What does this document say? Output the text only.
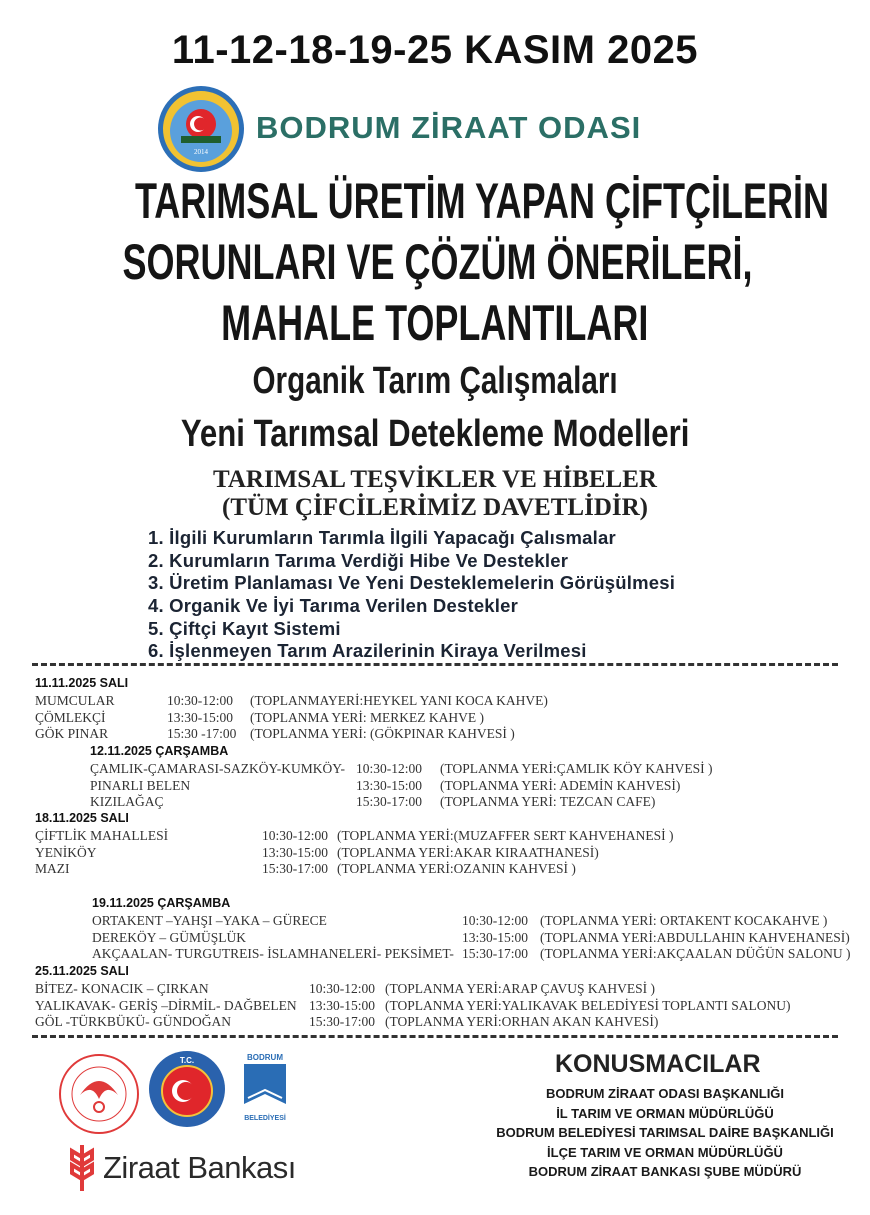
11-12-18-19-25 KASIM 2025
2014
BODRUM ZİRAAT ODASI
TARIMSAL ÜRETİM YAPAN ÇİFTÇİLERİN
SORUNLARI VE ÇÖZÜM ÖNERİLERİ,
MAHALE TOPLANTILARI
Organik Tarım Çalışmaları
Yeni Tarımsal Detekleme Modelleri
TARIMSAL TEŞVİKLER VE HİBELER
(TÜM ÇİFCİLERİMİZ DAVETLİDİR)
1. İlgili Kurumların Tarımla İlgili Yapacağı Çalısmalar
2. Kurumların Tarıma Verdiği Hibe Ve Destekler
3. Üretim Planlaması Ve Yeni Desteklemelerin Görüşülmesi
4. Organik Ve İyi Tarıma Verilen Destekler
5. Çiftçi Kayıt Sistemi
6. İşlenmeyen Tarım Arazilerinin Kiraya Verilmesi
11.11.2025 SALI
MUMCULAR	10:30-12:00 (TOPLANMAYERİ:HEYKEL YANI KOCA KAHVE)
ÇÖMLEKÇİ	13:30-15:00 (TOPLANMA YERİ: MERKEZ KAHVE )
GÖK PINAR	15:30 -17:00 (TOPLANMA YERİ: (GÖKPINAR KAHVESİ )
12.11.2025 ÇARŞAMBA
ÇAMLIK-ÇAMARASI-SAZKÖY-KUMKÖY- 10:30-12:00 (TOPLANMA YERİ:ÇAMLIK KÖY KAHVESİ )
PINARLI BELEN	13:30-15:00 (TOPLANMA YERİ: ADEMİN KAHVESİ)
KIZILAĞAÇ	15:30-17:00 (TOPLANMA YERİ: TEZCAN CAFE)
18.11.2025 SALI
ÇİFTLİK MAHALLESİ	10:30-12:00 (TOPLANMA YERİ:(MUZAFFER SERT KAHVEHANESİ )
YENİKÖY	13:30-15:00 (TOPLANMA YERİ:AKAR KIRAATHANESİ)
MAZI	15:30-17:00 (TOPLANMA YERİ:OZANIN KAHVESİ )
19.11.2025 ÇARŞAMBA
ORTAKENT –YAHŞI –YAKA – GÜRECE	10:30-12:00 (TOPLANMA YERİ: ORTAKENT KOCAKAHVE )
DEREKÖY – GÜMÜŞLÜK	13:30-15:00 (TOPLANMA YERİ:ABDULLAHIN KAHVEHANESİ)
AKÇAALAN- TURGUTREIS- İSLAMHANELERİ- PEKSİMET- 15:30-17:00 (TOPLANMA YERİ:AKÇAALAN DÜĞÜN SALONU )
25.11.2025 SALI
BİTEZ- KONACIK – ÇIRKAN	10:30-12:00 (TOPLANMA YERİ:ARAP ÇAVUŞ KAHVESİ )
YALIKAVAK- GERİŞ –DİRMİL- DAĞBELEN 13:30-15:00 (TOPLANMA YERİ:YALIKAVAK BELEDİYESİ TOPLANTI SALONU)
GÖL -TÜRKBÜKÜ- GÜNDOĞAN	15:30-17:00 (TOPLANMA YERİ:ORHAN AKAN KAHVESİ)
T.C.	BODRUM
BELEDİYESİ
Ziraat Bankası
KONUSMACILAR
BODRUM ZİRAAT ODASI BAŞKANLIĞI
İL TARIM VE ORMAN MÜDÜRLÜĞÜ
BODRUM BELEDİYESİ TARIMSAL DAİRE BAŞKANLIĞI
İLÇE TARIM VE ORMAN MÜDÜRLÜĞÜ
BODRUM ZİRAAT BANKASI ŞUBE MÜDÜRÜ
